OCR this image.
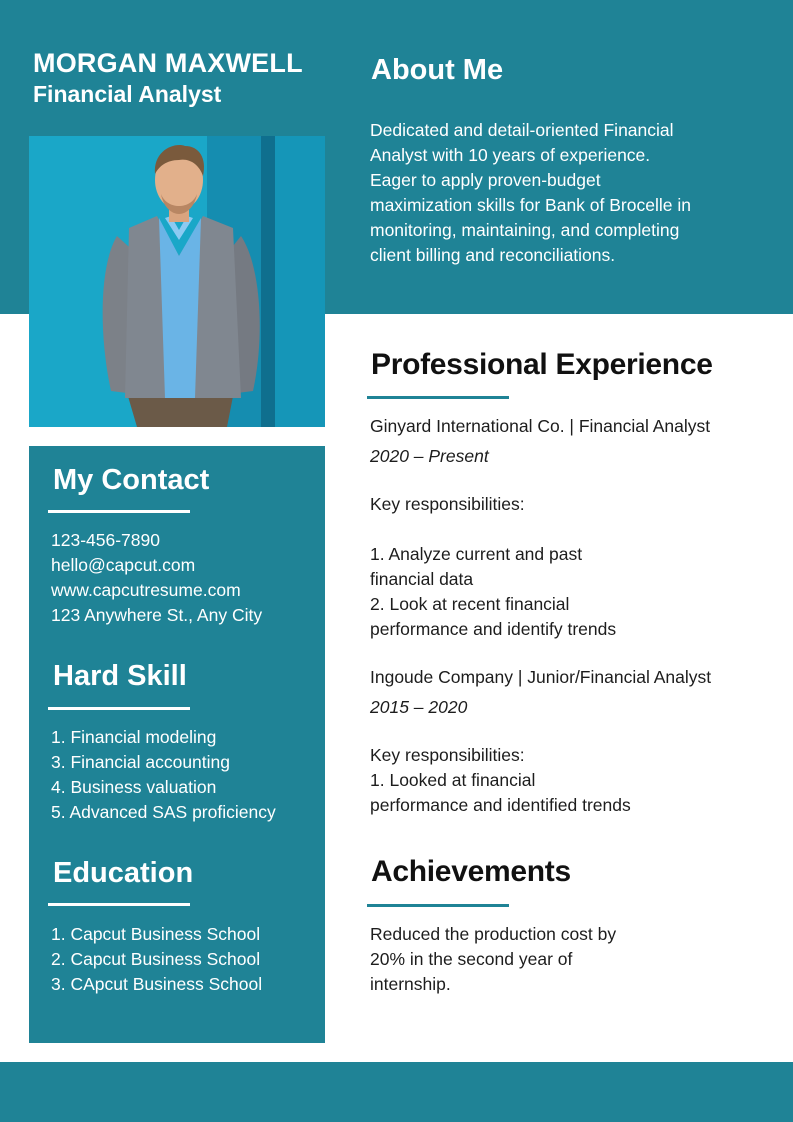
MORGAN MAXWELL
Financial Analyst
About Me
Dedicated and detail-oriented Financial
Analyst with 10 years of experience.
Eager to apply proven-budget
maximization skills for Bank of Brocelle in
monitoring, maintaining, and completing
client billing and reconciliations.
My Contact
123-456-7890
hello@capcut.com
www.capcutresume.com
123 Anywhere St., Any City
Hard Skill
1. Financial modeling
3. Financial accounting
4. Business valuation
5. Advanced SAS proficiency
Education
1. Capcut Business School
2. Capcut Business School
3. CApcut Business School
Professional Experience
Ginyard International Co. | Financial Analyst
2020 – Present
Key responsibilities:
1. Analyze current and past
financial data
2. Look at recent financial
performance and identify trends
Ingoude Company | Junior/Financial Analyst
2015 – 2020
Key responsibilities:
1. Looked at financial
performance and identified trends
Achievements
Reduced the production cost by
20% in the second year of
internship.
